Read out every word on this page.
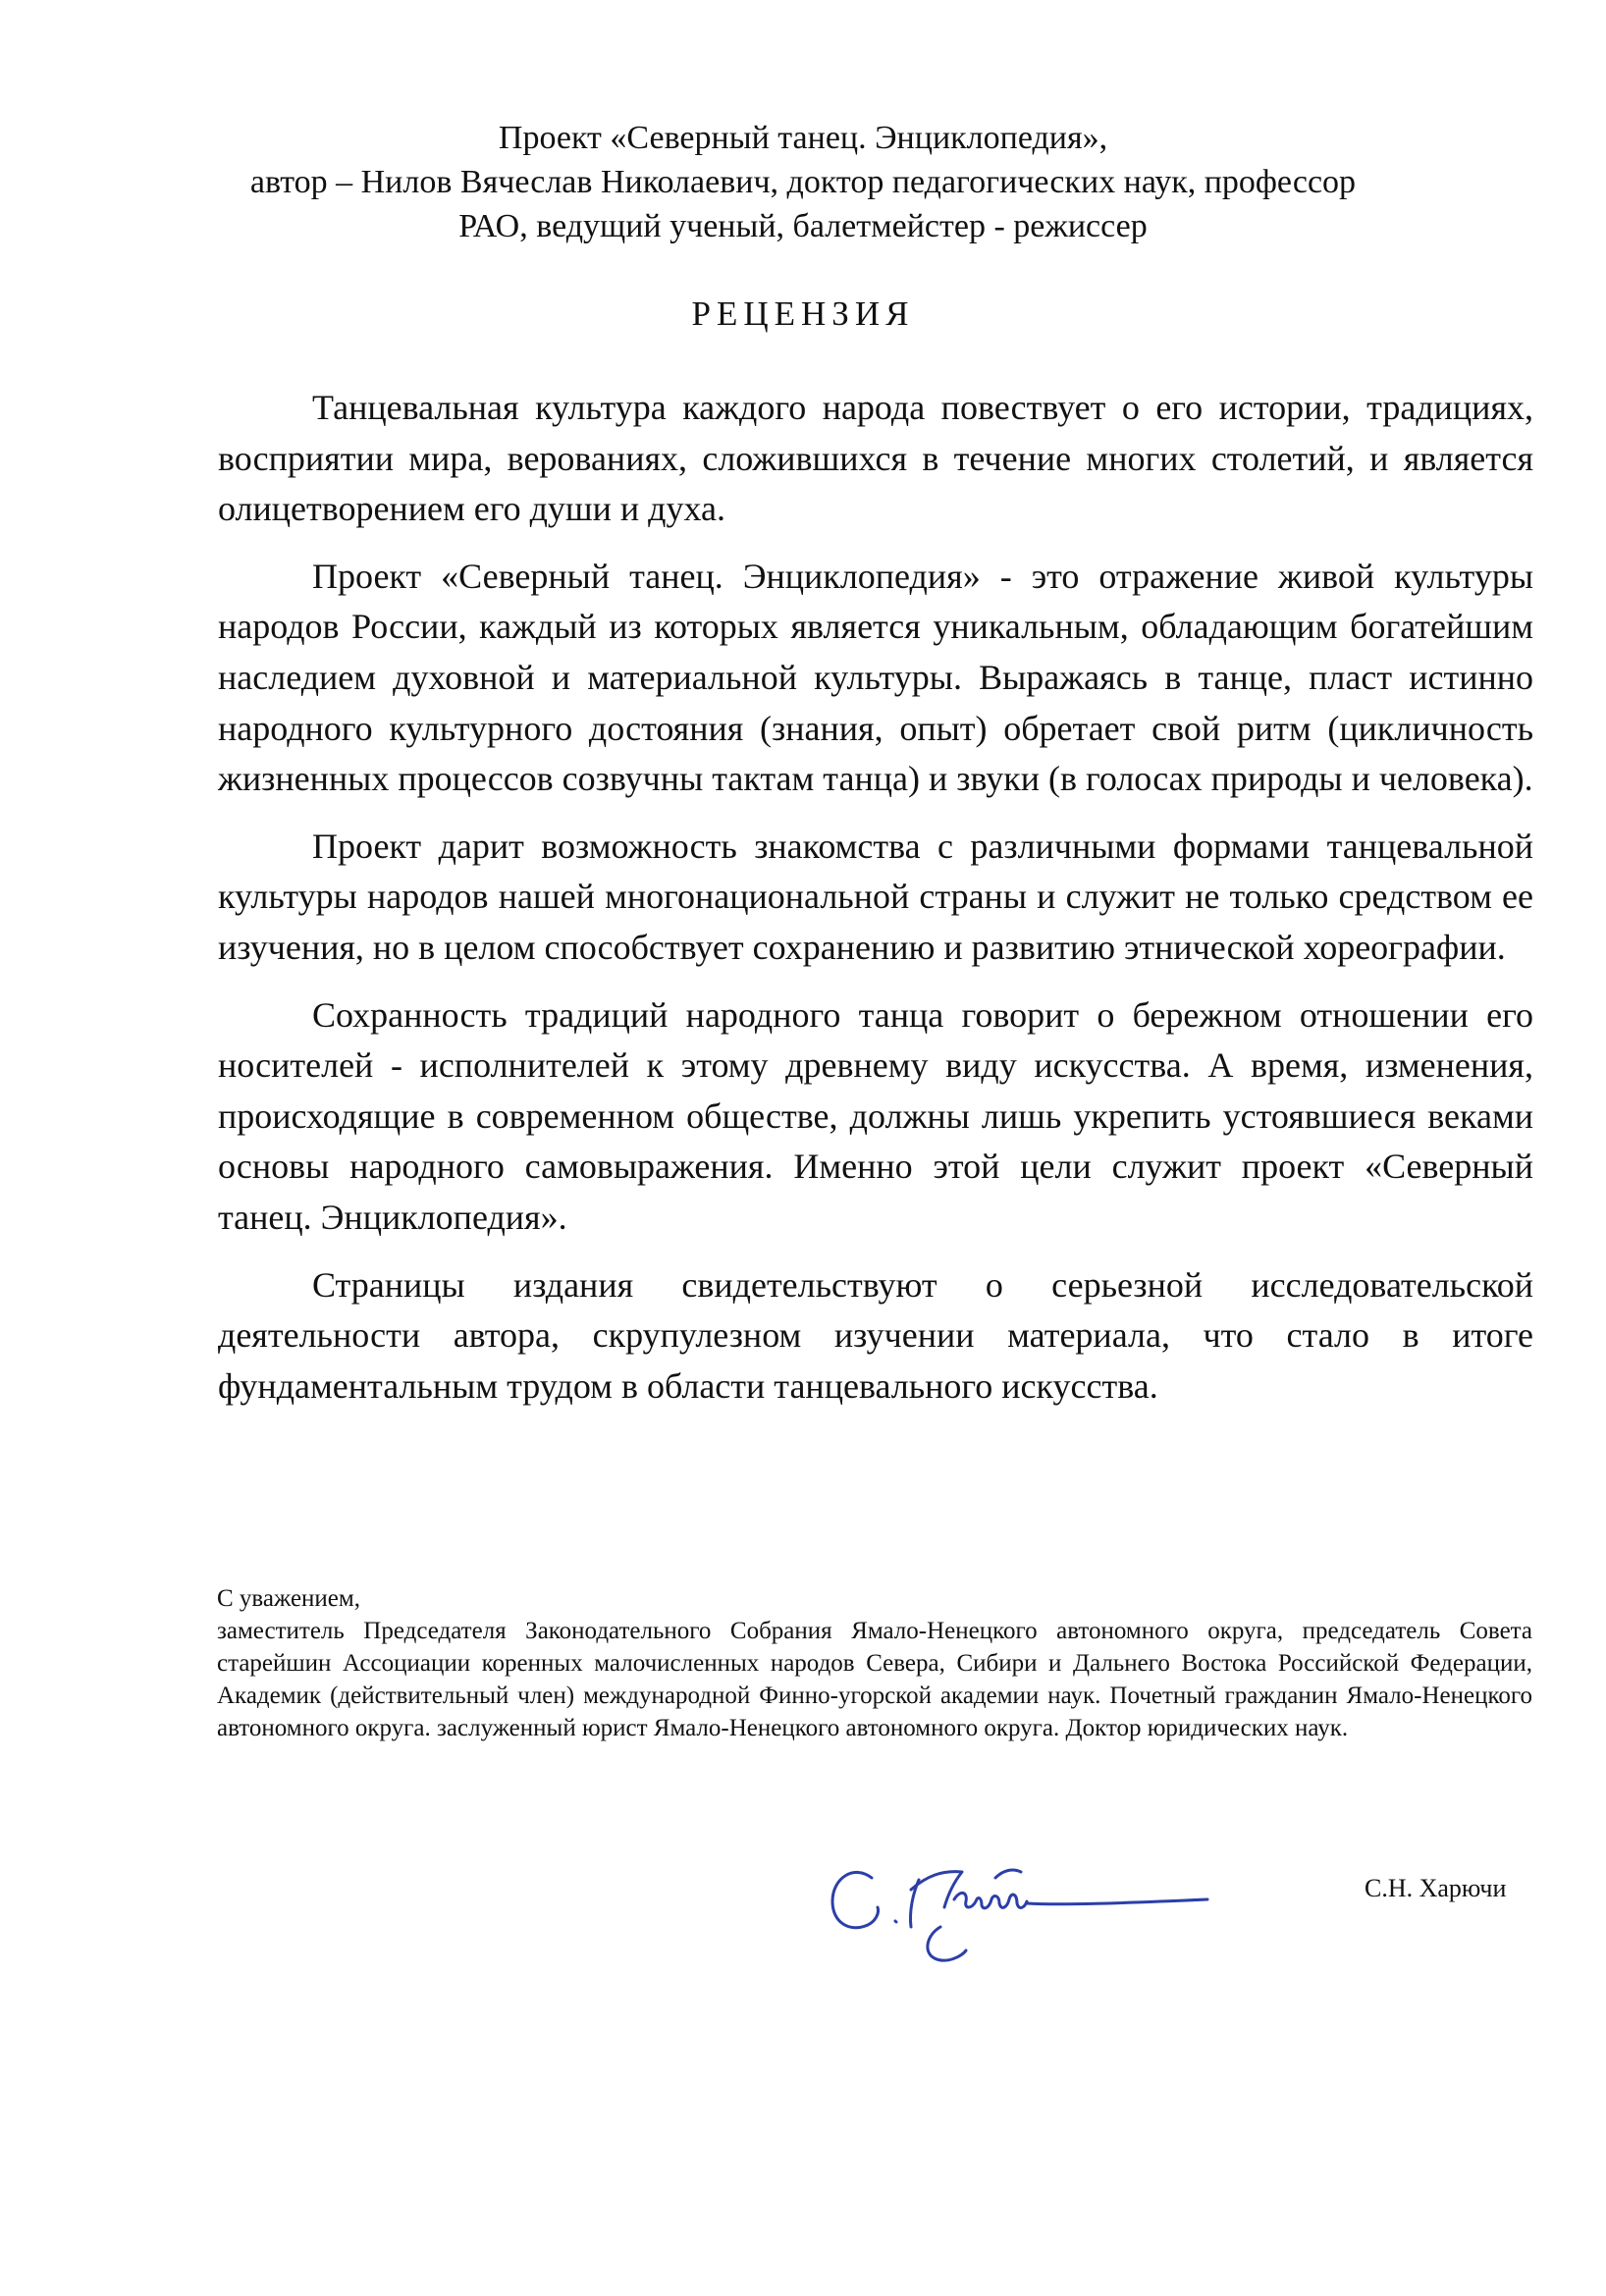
Проект «Северный танец. Энциклопедия»,
автор – Нилов Вячеслав Николаевич, доктор педагогических наук, профессор
РАО, ведущий ученый, балетмейстер - режиссер
РЕЦЕНЗИЯ

Танцевальная культура каждого народа повествует о его истории, традициях, восприятии мира, верованиях, сложившихся в течение многих столетий, и является олицетворением его души и духа.

Проект «Северный танец. Энциклопедия» - это отражение живой культуры народов России, каждый из которых является уникальным, обладающим богатейшим наследием духовной и материальной культуры. Выражаясь в танце, пласт истинно народного культурного достояния (знания, опыт) обретает свой ритм (цикличность жизненных процессов созвучны тактам танца) и звуки (в голосах природы и человека).

Проект дарит возможность знакомства с различными формами танцевальной культуры народов нашей многонациональной страны и служит не только средством ее изучения, но в целом способствует сохранению и развитию этнической хореографии.

Сохранность традиций народного танца говорит о бережном отношении его носителей - исполнителей к этому древнему виду искусства. А время, изменения, происходящие в современном обществе, должны лишь укрепить устоявшиеся веками основы народного самовыражения. Именно этой цели служит проект «Северный танец. Энциклопедия».

Страницы издания свидетельствуют о серьезной исследовательской деятельности автора, скрупулезном изучении материала, что стало в итоге фундаментальным трудом в области танцевального искусства.

С уважением,

заместитель Председателя Законодательного Собрания Ямало-Ненецкого автономного округа, председатель Совета старейшин Ассоциации коренных малочисленных народов Севера, Сибири и Дальнего Востока Российской Федерации, Академик (действительный член) международной Финно-угорской академии наук. Почетный гражданин Ямало-Ненецкого автономного округа. заслуженный юрист Ямало-Ненецкого автономного округа. Доктор юридических наук.

С.Н. Харючи
